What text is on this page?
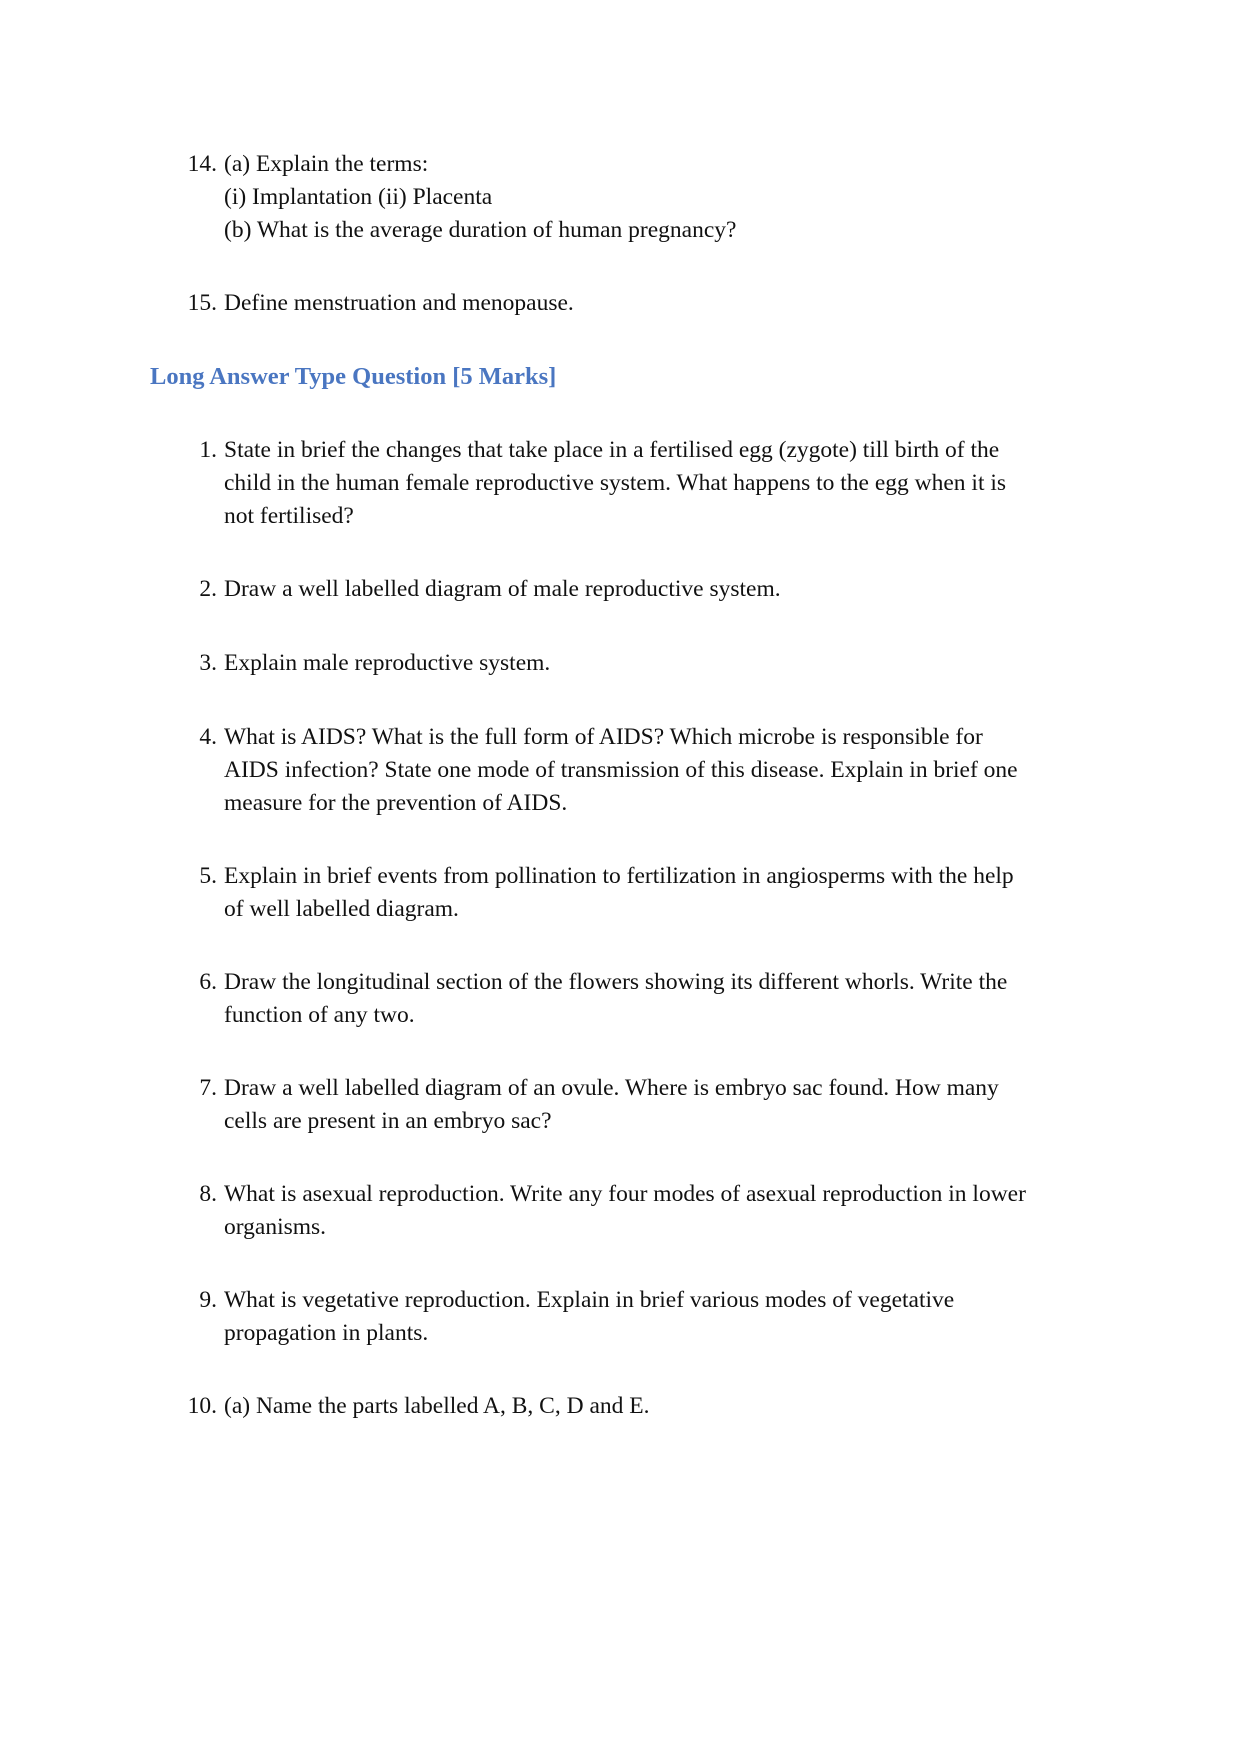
14. (a) Explain the terms:
(i) Implantation (ii) Placenta
(b) What is the average duration of human pregnancy?
15. Define menstruation and menopause.
Long Answer Type Question [5 Marks]
1. State in brief the changes that take place in a fertilised egg (zygote) till birth of the
child in the human female reproductive system. What happens to the egg when it is
not fertilised?
2. Draw a well labelled diagram of male reproductive system.
3. Explain male reproductive system.
4. What is AIDS? What is the full form of AIDS? Which microbe is responsible for
AIDS infection? State one mode of transmission of this disease. Explain in brief one
measure for the prevention of AIDS.
5. Explain in brief events from pollination to fertilization in angiosperms with the help
of well labelled diagram.
6. Draw the longitudinal section of the flowers showing its different whorls. Write the
function of any two.
7. Draw a well labelled diagram of an ovule. Where is embryo sac found. How many
cells are present in an embryo sac?
8. What is asexual reproduction. Write any four modes of asexual reproduction in lower
organisms.
9. What is vegetative reproduction. Explain in brief various modes of vegetative
propagation in plants.
10. (a) Name the parts labelled A, B, C, D and E.
